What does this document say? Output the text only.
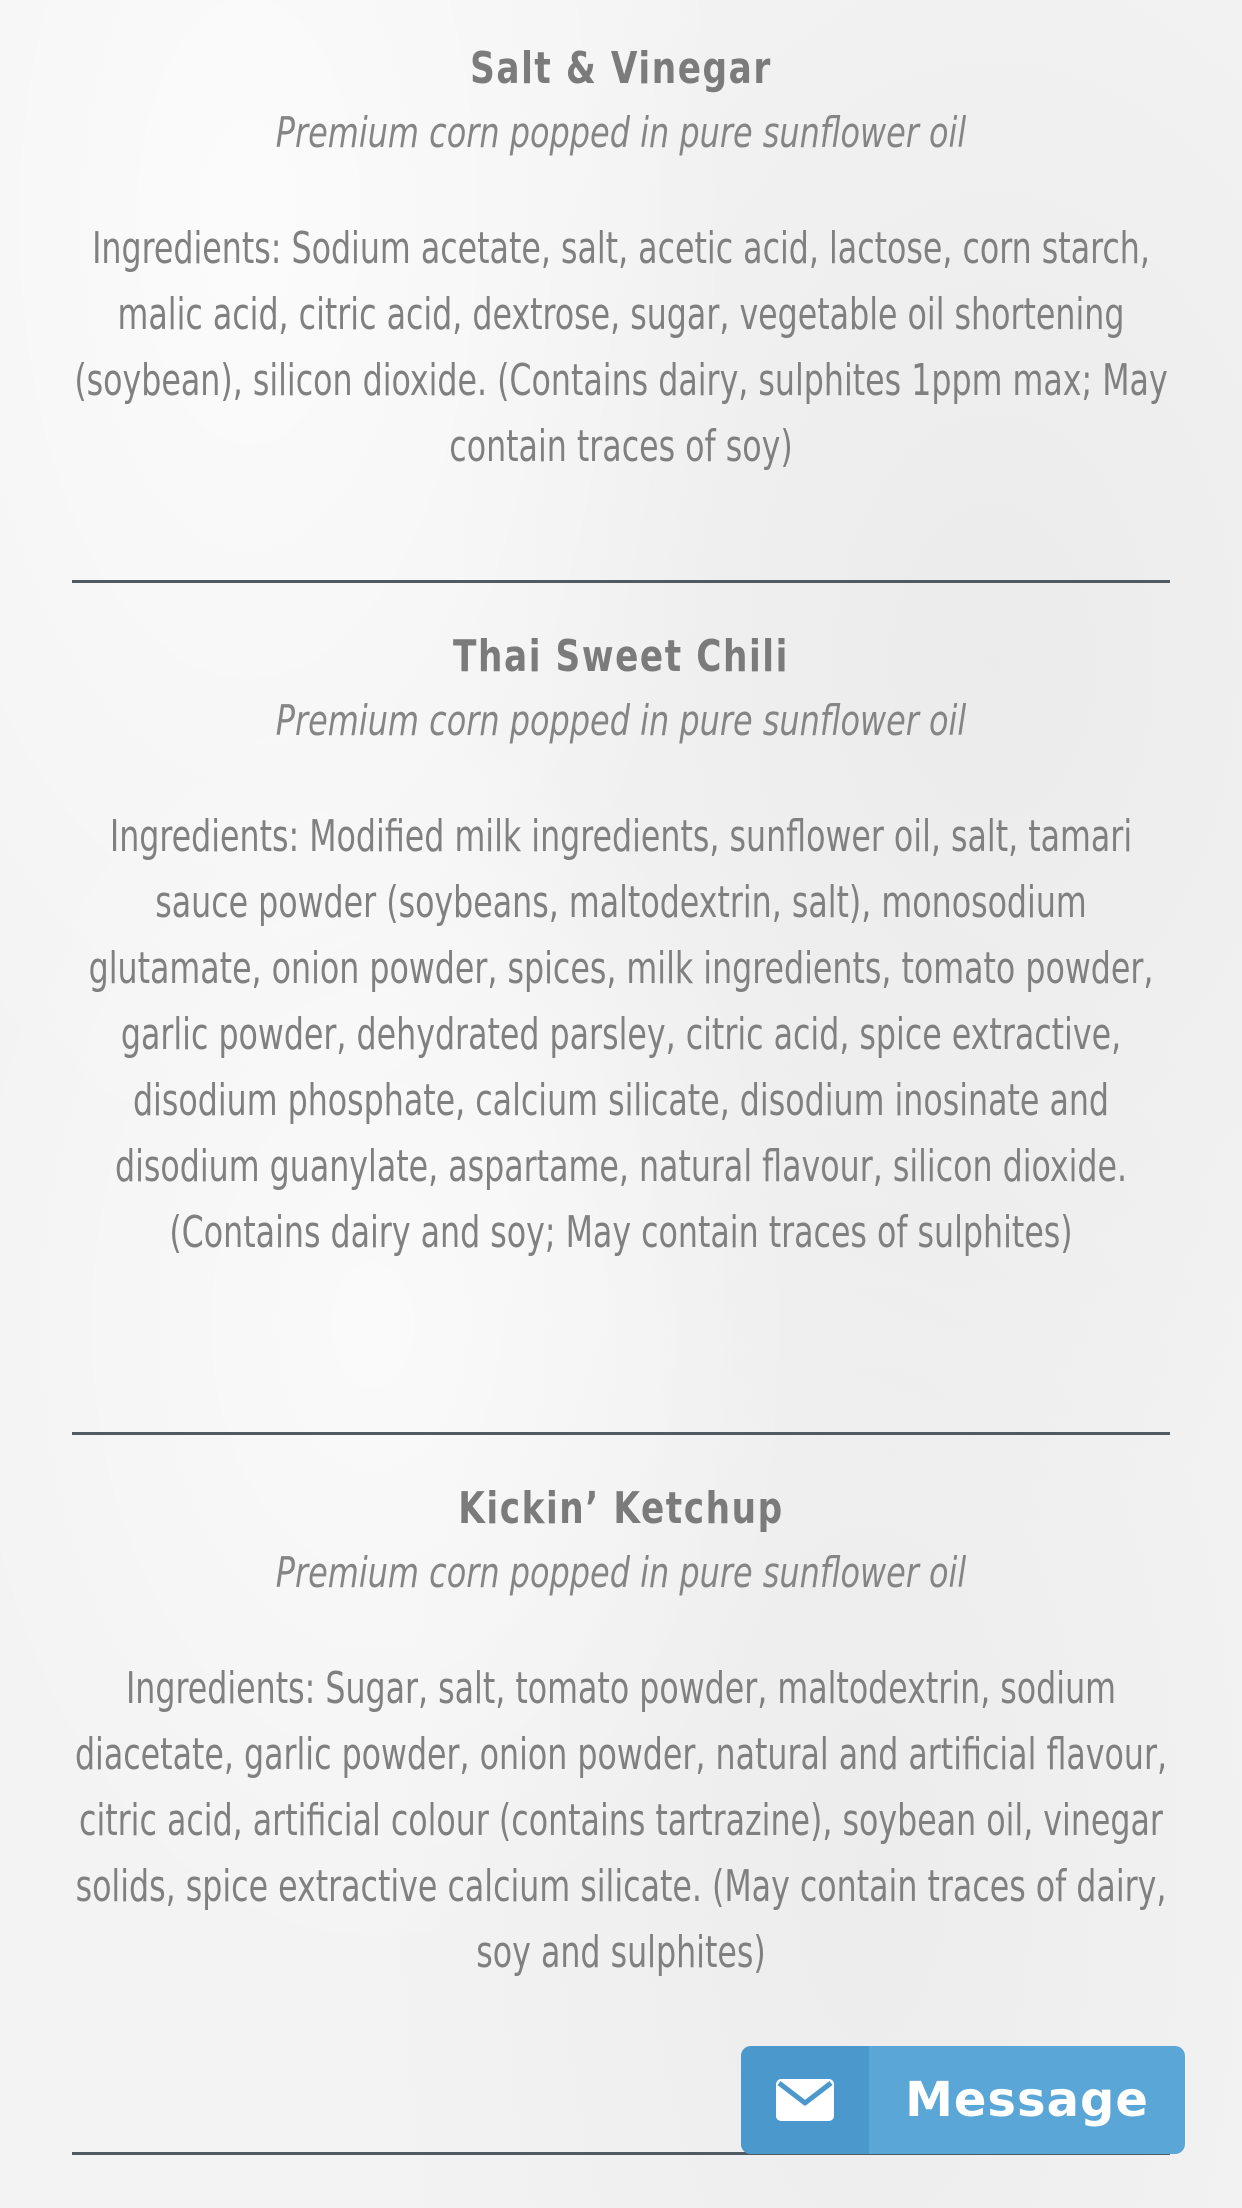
Salt & Vinegar

Premium corn popped in pure sunflower oil

Ingredients: Sodium acetate, salt, acetic acid, lactose, corn starch, malic acid, citric acid, dextrose, sugar, vegetable oil shortening (soybean), silicon dioxide. (Contains dairy, sulphites 1ppm max; May contain traces of soy)

Thai Sweet Chili

Premium corn popped in pure sunflower oil

Ingredients: Modified milk ingredients, sunflower oil, salt, tamari sauce powder (soybeans, maltodextrin, salt), monosodium glutamate, onion powder, spices, milk ingredients, tomato powder, garlic powder, dehydrated parsley, citric acid, spice extractive, disodium phosphate, calcium silicate, disodium inosinate and disodium guanylate, aspartame, natural flavour, silicon dioxide. (Contains dairy and soy; May contain traces of sulphites)

Kickin’ Ketchup

Premium corn popped in pure sunflower oil

Ingredients: Sugar, salt, tomato powder, maltodextrin, sodium diacetate, garlic powder, onion powder, natural and artificial flavour, citric acid, artificial colour (contains tartrazine), soybean oil, vinegar solids, spice extractive calcium silicate. (May contain traces of dairy, soy and sulphites)

Message
